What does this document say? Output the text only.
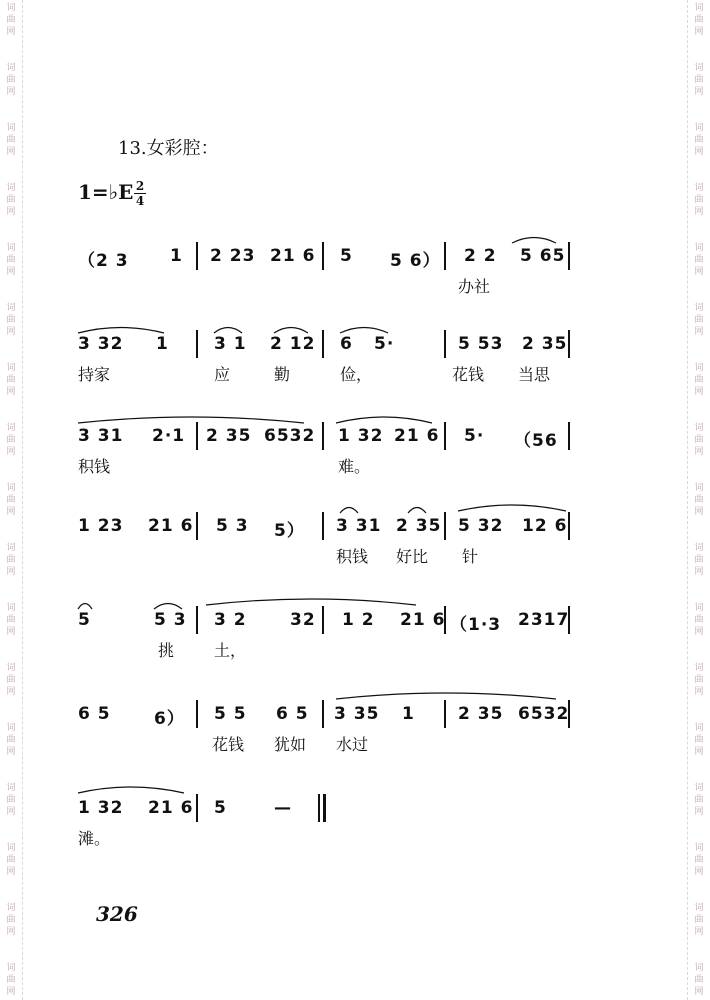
词
曲
网
词
曲
网
词
曲
网
词
曲
网
词
曲
网
词
曲
网
词
曲
网
词
曲
网
词
曲
网
词
曲
网
词
曲
网
词
曲
网
词
曲
网
词
曲
网
词
曲
网
词
曲
网
词
曲
网
词
曲
网
词
曲
网
词
曲
网
词
曲
网
词
曲
网
词
曲
网
词
曲
网
词
曲
网
词
曲
网
词
曲
网
词
曲
网
词
曲
网
词
曲
网
词
曲
网
词
曲
网
词
曲
网
词
曲
网
13.女彩腔：
1=♭E 2
4
（2 3 1 2 23 21 6 5 5 6） 2 2 5 65
办社
3 32 1	3 1 2 12 6 5·	5 53 2 35
持家	应	勤	俭，	花钱 当思
3 31 2·1 2 35 6532 1 32 21 6 5· （56
积钱	难。
1 23 21 6 5 3 5） 3 31 2 35 5 32 12 6
积钱 好比 针
5	5 3 3 2	32 1 2 21 6 （1·3 2317
挑 土，
6 5	6） 5 5 6 5 3 35 1	2 35 6532
花钱 犹如 水过
1 32 21 6 5	—
滩。
326
